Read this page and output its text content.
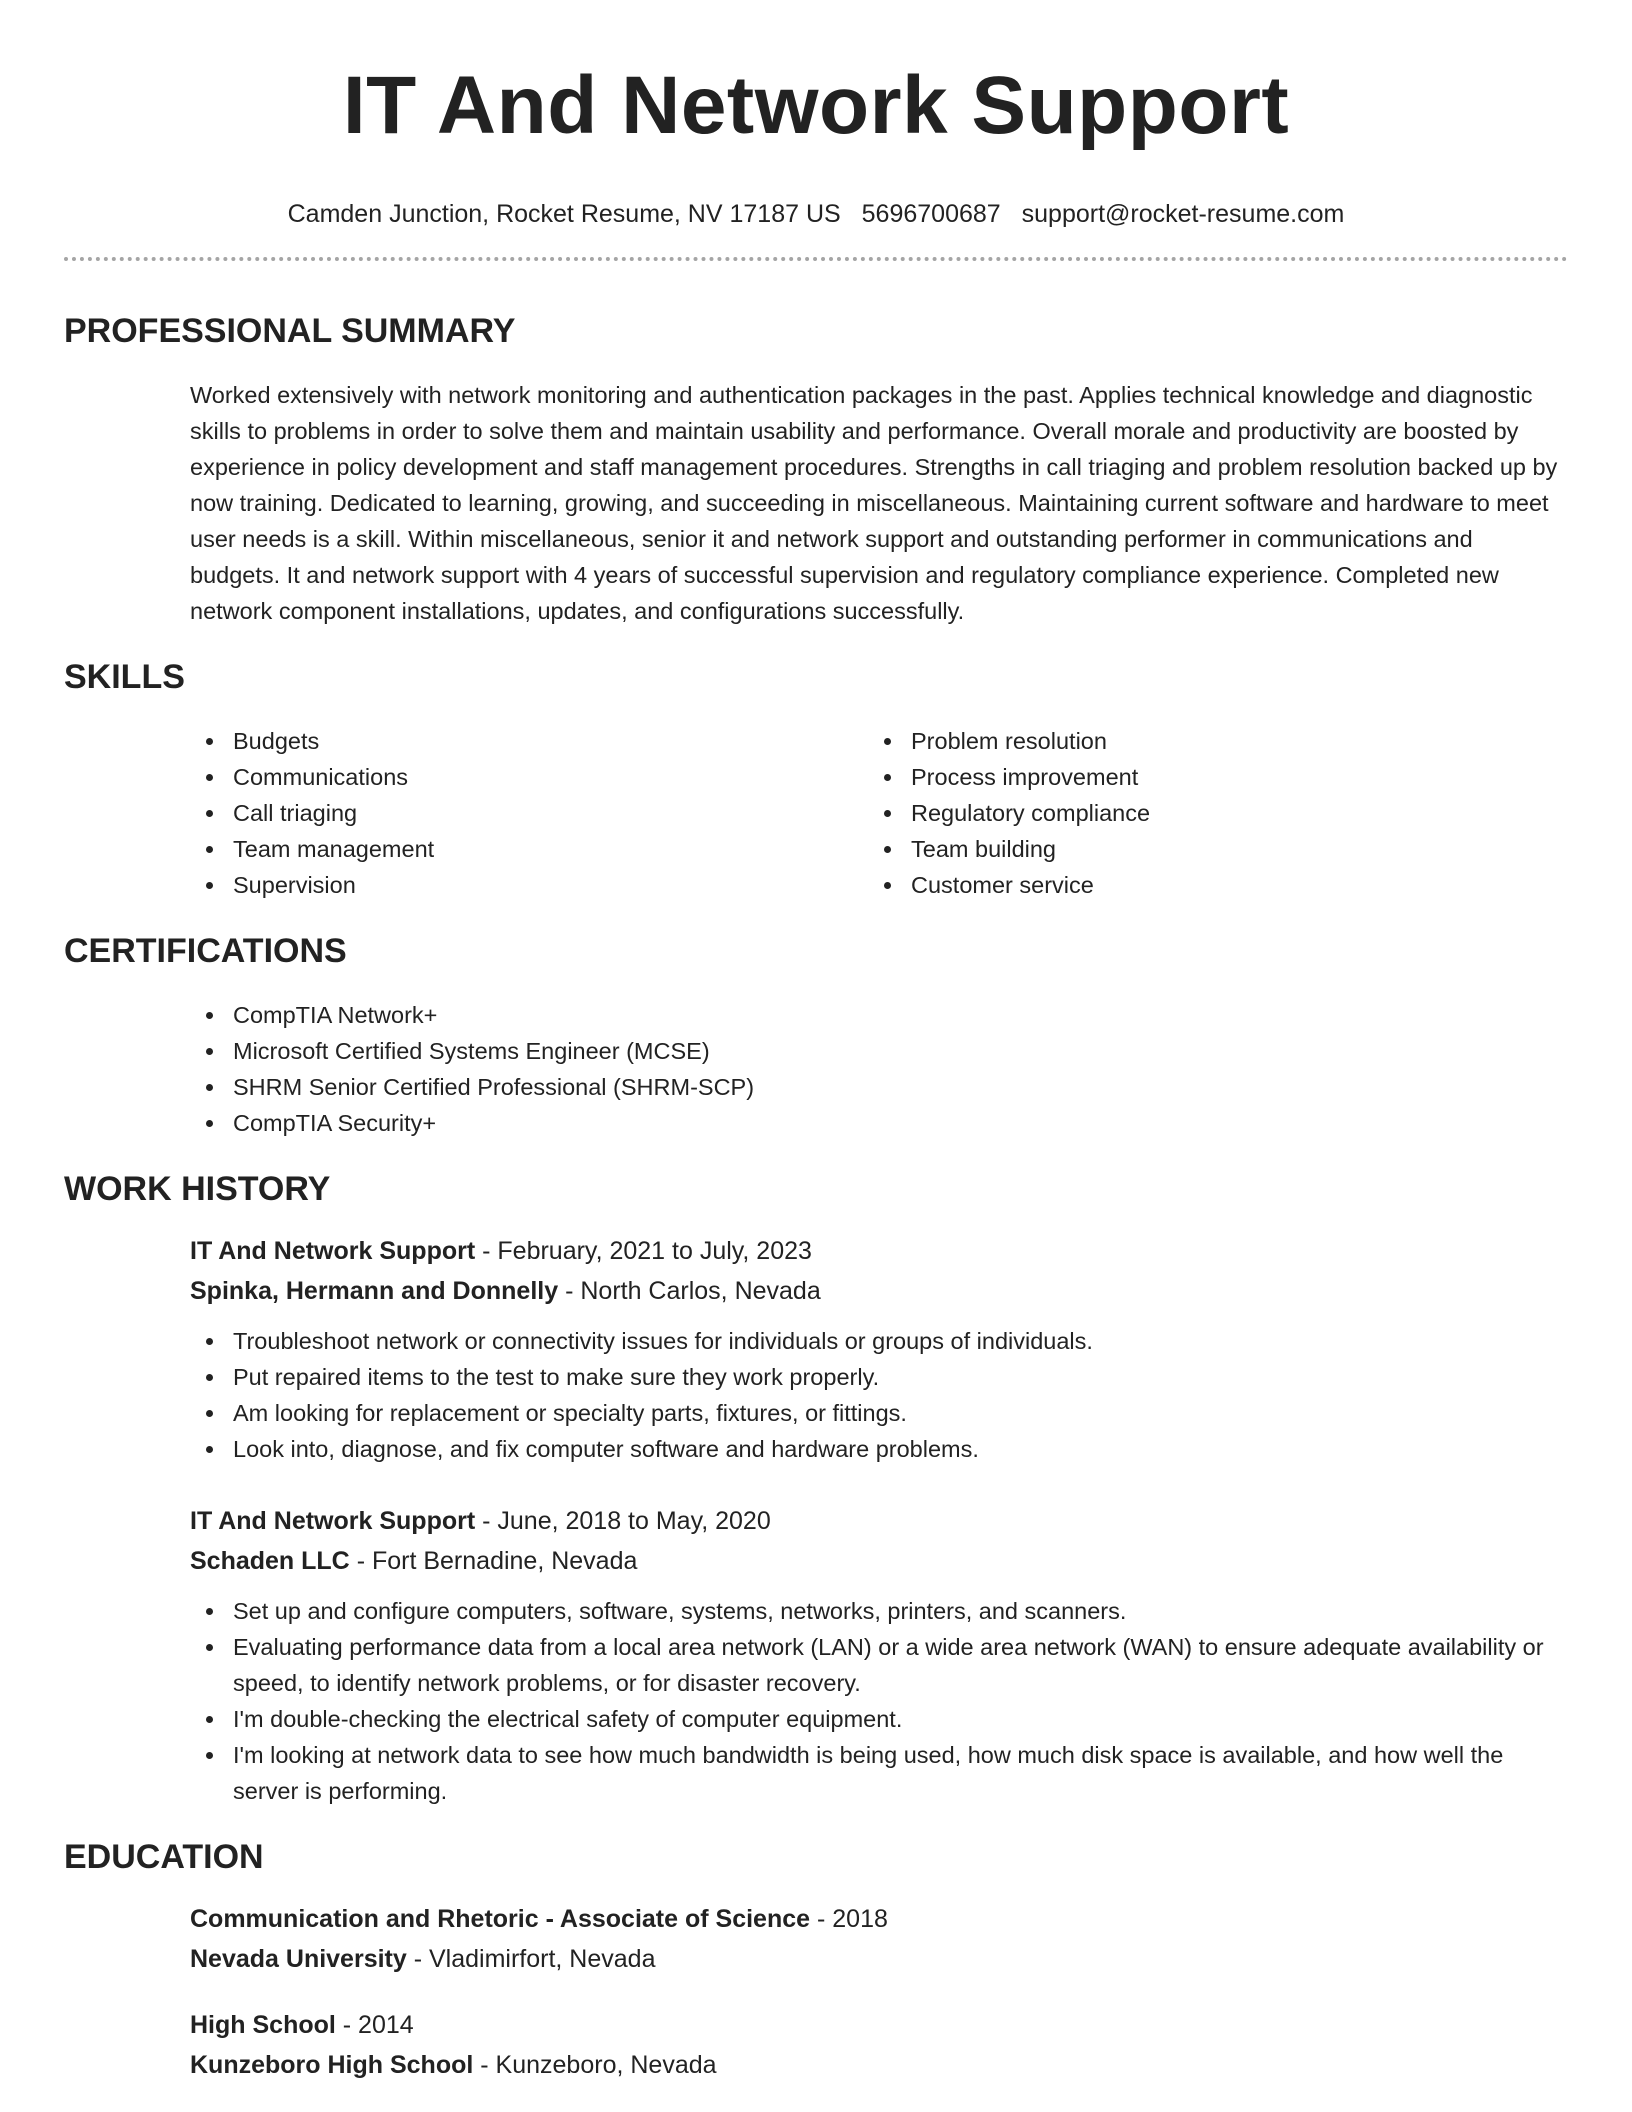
IT And Network Support
Camden Junction, Rocket Resume, NV 17187 US 5696700687 support@rocket-resume.com
PROFESSIONAL SUMMARY
Worked extensively with network monitoring and authentication packages in the past. Applies technical knowledge and diagnostic skills to problems in order to solve them and maintain usability and performance. Overall morale and productivity are boosted by experience in policy development and staff management procedures. Strengths in call triaging and problem resolution backed up by now training. Dedicated to learning, growing, and succeeding in miscellaneous. Maintaining current software and hardware to meet user needs is a skill. Within miscellaneous, senior it and network support and outstanding performer in communications and budgets. It and network support with 4 years of successful supervision and regulatory compliance experience. Completed new network component installations, updates, and configurations successfully.
SKILLS
Budgets
Communications
Call triaging
Team management
Supervision
Problem resolution
Process improvement
Regulatory compliance
Team building
Customer service
CERTIFICATIONS
CompTIA Network+
Microsoft Certified Systems Engineer (MCSE)
SHRM Senior Certified Professional (SHRM-SCP)
CompTIA Security+
WORK HISTORY
IT And Network Support - February, 2021 to July, 2023
Spinka, Hermann and Donnelly - North Carlos, Nevada
Troubleshoot network or connectivity issues for individuals or groups of individuals.
Put repaired items to the test to make sure they work properly.
Am looking for replacement or specialty parts, fixtures, or fittings.
Look into, diagnose, and fix computer software and hardware problems.
IT And Network Support - June, 2018 to May, 2020
Schaden LLC - Fort Bernadine, Nevada
Set up and configure computers, software, systems, networks, printers, and scanners.
Evaluating performance data from a local area network (LAN) or a wide area network (WAN) to ensure adequate availability or speed, to identify network problems, or for disaster recovery.
I'm double-checking the electrical safety of computer equipment.
I'm looking at network data to see how much bandwidth is being used, how much disk space is available, and how well the server is performing.
EDUCATION
Communication and Rhetoric - Associate of Science - 2018
Nevada University - Vladimirfort, Nevada
High School - 2014
Kunzeboro High School - Kunzeboro, Nevada
